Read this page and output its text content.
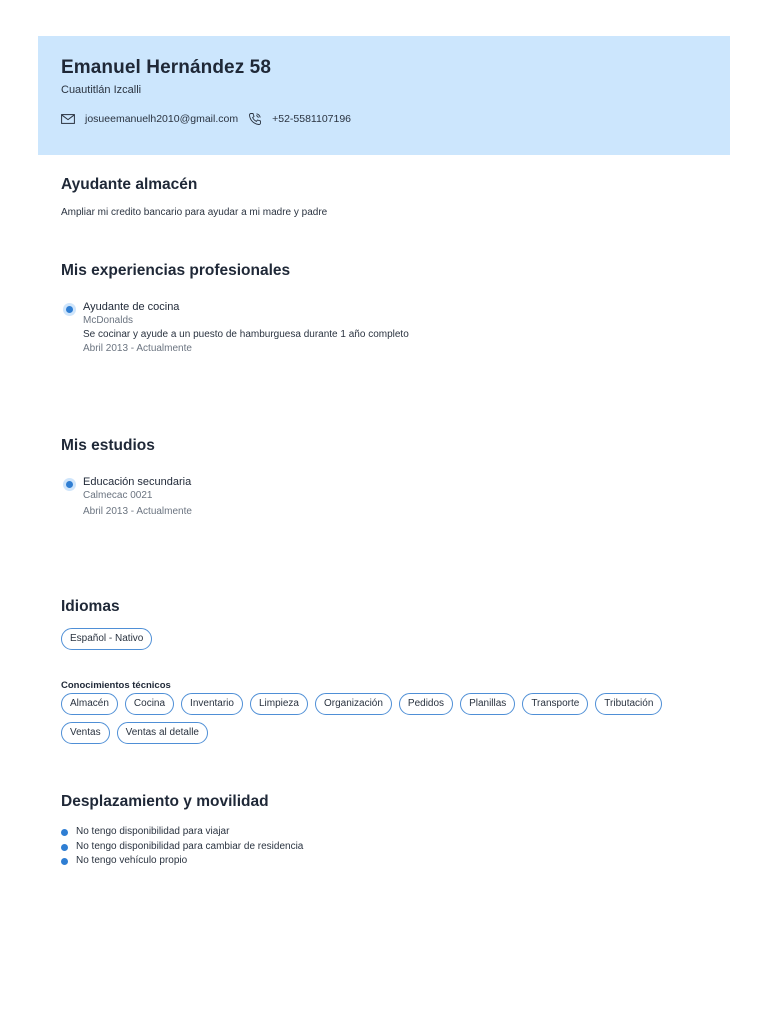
Emanuel Hernández 58
Cuautitlán Izcalli
josueemanuelh2010@gmail.com	+52-5581107196
Ayudante almacén
Ampliar mi credito bancario para ayudar a mi madre y padre
Mis experiencias profesionales
Ayudante de cocina
McDonalds
Se cocinar y ayude a un puesto de hamburguesa durante 1 año completo
Abril 2013 - Actualmente
Mis estudios
Educación secundaria
Calmecac 0021
Abril 2013 - Actualmente
Idiomas
Español - Nativo
Conocimientos técnicos
Almacén	Cocina	Inventario	Limpieza	Organización	Pedidos	Planillas	Transporte	TributaciónVentas	Ventas al detalle
Desplazamiento y movilidad
No tengo disponibilidad para viajar
No tengo disponibilidad para cambiar de residencia
No tengo vehículo propio
